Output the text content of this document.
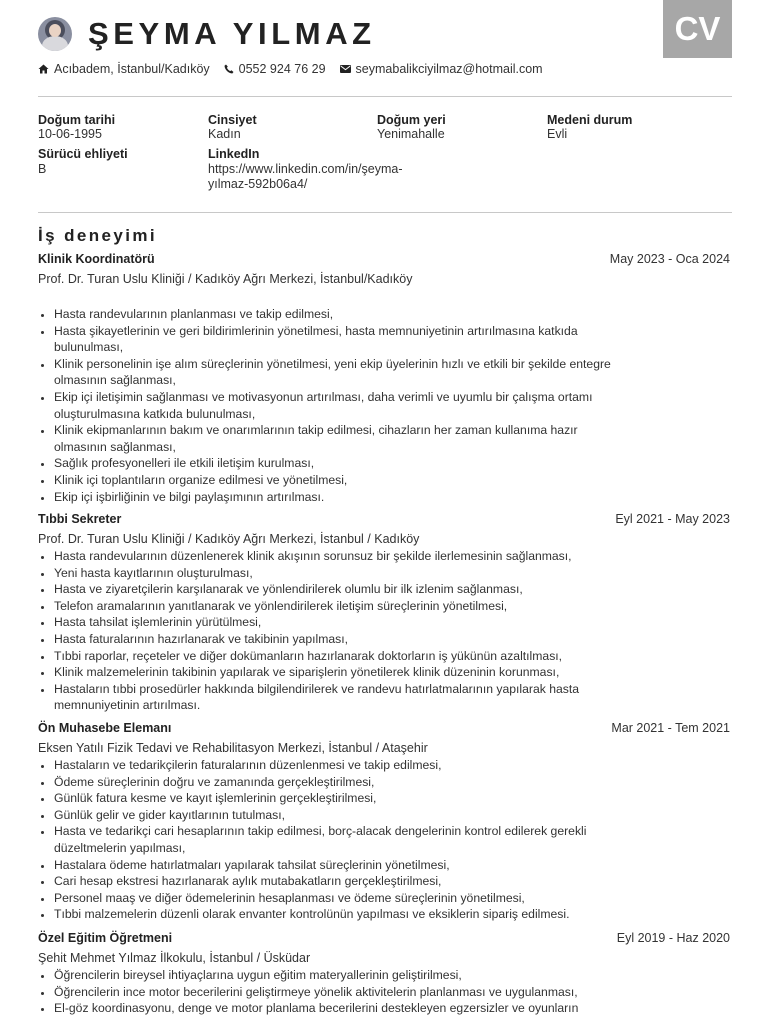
CV
ŞEYMA YILMAZ
Acıbadem, İstanbul/Kadıköy 0552 924 76 29 seymabalikciyilmaz@hotmail.com
Doğum tarihi
10-06-1995
Cinsiyet
Kadın
Doğum yeri
Yenimahalle
Medeni durum
Evli
Sürücü ehliyeti
B
LinkedIn
https://www.linkedin.com/in/şeyma-
yılmaz-592b06a4/
İş deneyimi
Klinik Koordinatörü	May 2023 - Oca 2024
Prof. Dr. Turan Uslu Kliniği / Kadıköy Ağrı Merkezi, İstanbul/Kadıköy
Hasta randevularının planlanması ve takip edilmesi,
Hasta şikayetlerinin ve geri bildirimlerinin yönetilmesi, hasta memnuniyetinin artırılmasına katkıda bulunulması,
Klinik personelinin işe alım süreçlerinin yönetilmesi, yeni ekip üyelerinin hızlı ve etkili bir şekilde entegre olmasının sağlanması,
Ekip içi iletişimin sağlanması ve motivasyonun artırılması, daha verimli ve uyumlu bir çalışma ortamı oluşturulmasına katkıda bulunulması,
Klinik ekipmanlarının bakım ve onarımlarının takip edilmesi, cihazların her zaman kullanıma hazır olmasının sağlanması,
Sağlık profesyonelleri ile etkili iletişim kurulması,
Klinik içi toplantıların organize edilmesi ve yönetilmesi,
Ekip içi işbirliğinin ve bilgi paylaşımının artırılması.
Tıbbi Sekreter	Eyl 2021 - May 2023
Prof. Dr. Turan Uslu Kliniği / Kadıköy Ağrı Merkezi, İstanbul / Kadıköy
Hasta randevularının düzenlenerek klinik akışının sorunsuz bir şekilde ilerlemesinin sağlanması,
Yeni hasta kayıtlarının oluşturulması,
Hasta ve ziyaretçilerin karşılanarak ve yönlendirilerek olumlu bir ilk izlenim sağlanması,
Telefon aramalarının yanıtlanarak ve yönlendirilerek iletişim süreçlerinin yönetilmesi,
Hasta tahsilat işlemlerinin yürütülmesi,
Hasta faturalarının hazırlanarak ve takibinin yapılması,
Tıbbi raporlar, reçeteler ve diğer dokümanların hazırlanarak doktorların iş yükünün azaltılması,
Klinik malzemelerinin takibinin yapılarak ve siparişlerin yönetilerek klinik düzeninin korunması,
Hastaların tıbbi prosedürler hakkında bilgilendirilerek ve randevu hatırlatmalarının yapılarak hasta memnuniyetinin artırılması.
Ön Muhasebe Elemanı	Mar 2021 - Tem 2021
Eksen Yatılı Fizik Tedavi ve Rehabilitasyon Merkezi, İstanbul / Ataşehir
Hastaların ve tedarikçilerin faturalarının düzenlenmesi ve takip edilmesi,
Ödeme süreçlerinin doğru ve zamanında gerçekleştirilmesi,
Günlük fatura kesme ve kayıt işlemlerinin gerçekleştirilmesi,
Günlük gelir ve gider kayıtlarının tutulması,
Hasta ve tedarikçi cari hesaplarının takip edilmesi, borç-alacak dengelerinin kontrol edilerek gerekli düzeltmelerin yapılması,
Hastalara ödeme hatırlatmaları yapılarak tahsilat süreçlerinin yönetilmesi,
Cari hesap ekstresi hazırlanarak aylık mutabakatların gerçekleştirilmesi,
Personel maaş ve diğer ödemelerinin hesaplanması ve ödeme süreçlerinin yönetilmesi,
Tıbbi malzemelerin düzenli olarak envanter kontrolünün yapılması ve eksiklerin sipariş edilmesi.
Özel Eğitim Öğretmeni	Eyl 2019 - Haz 2020
Şehit Mehmet Yılmaz İlkokulu, İstanbul / Üsküdar
Öğrencilerin bireysel ihtiyaçlarına uygun eğitim materyallerinin geliştirilmesi,
Öğrencilerin ince motor becerilerini geliştirmeye yönelik aktivitelerin planlanması ve uygulanması,
El-göz koordinasyonu, denge ve motor planlama becerilerini destekleyen egzersizler ve oyunların
